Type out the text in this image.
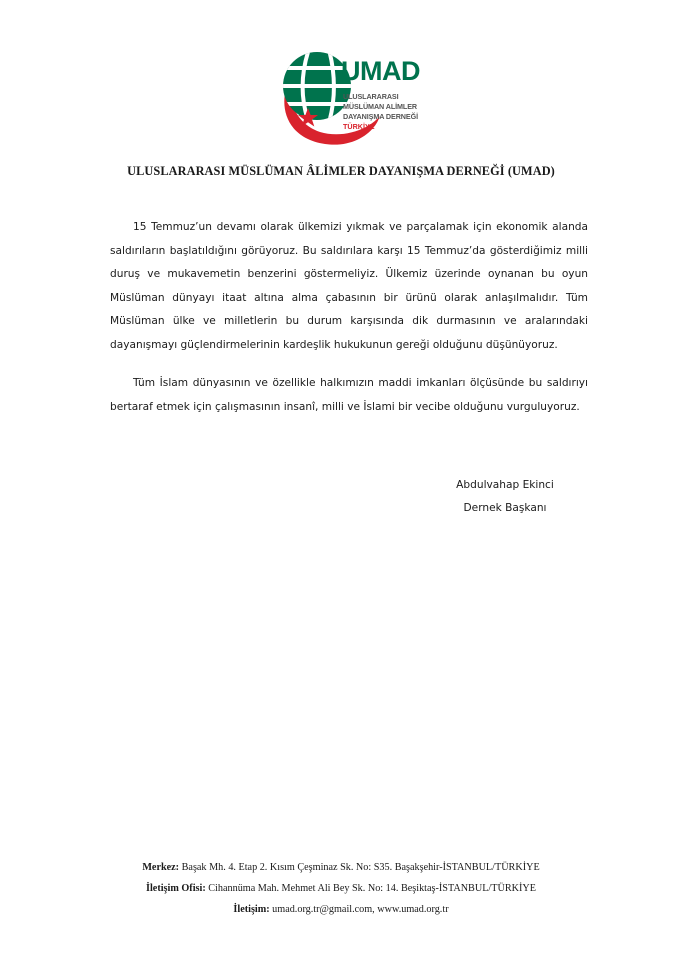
UMAD
ULUSLARARASI
MÜSLÜMAN ALİMLER
DAYANIŞMA DERNEĞİ
TÜRKİYE
ULUSLARARASI MÜSLÜMAN ÂLİMLER DAYANIŞMA DERNEĞİ (UMAD)

15 Temmuz’un devamı olarak ülkemizi yıkmak ve parçalamak için ekonomik alanda saldırıların başlatıldığını görüyoruz. Bu saldırılara karşı 15 Temmuz’da gösterdiğimiz milli duruş ve mukavemetin benzerini göstermeliyiz. Ülkemiz üzerinde oynanan bu oyun Müslüman dünyayı itaat altına alma çabasının bir ürünü olarak anlaşılmalıdır. Tüm Müslüman ülke ve milletlerin bu durum karşısında dik durmasının ve aralarındaki dayanışmayı güçlendirmelerinin kardeşlik hukukunun gereği olduğunu düşünüyoruz.

Tüm İslam dünyasının ve özellikle halkımızın maddi imkanları ölçüsünde bu saldırıyı bertaraf etmek için çalışmasının insanî, milli ve İslami bir vecibe olduğunu vurguluyoruz.

Abdulvahap Ekinci
Dernek Başkanı
Merkez: Başak Mh. 4. Etap 2. Kısım Çeşminaz Sk. No: S35. Başakşehir-İSTANBUL/TÜRKİYE
İletişim Ofisi: Cihannüma Mah. Mehmet Ali Bey Sk. No: 14. Beşiktaş-İSTANBUL/TÜRKİYE
İletişim: umad.org.tr@gmail.com, www.umad.org.tr
